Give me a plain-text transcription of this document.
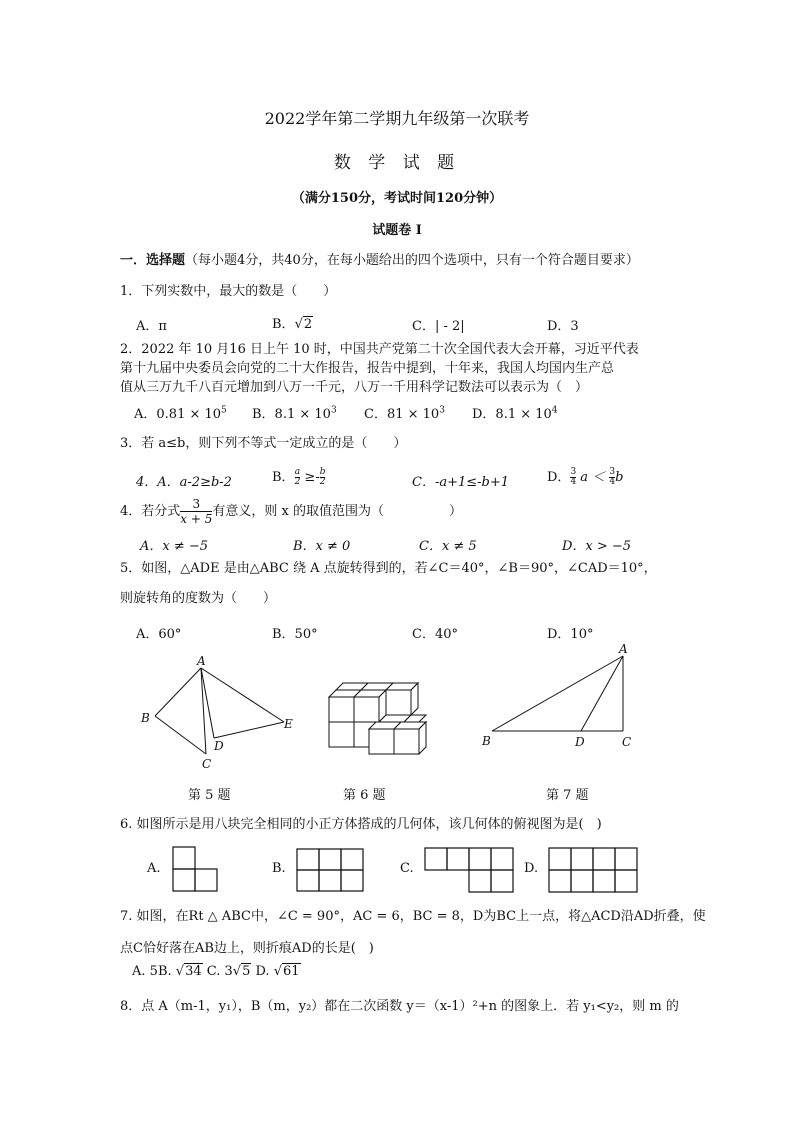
2022学年第二学期九年级第一次联考
数 学 试 题
（满分150分，考试时间120分钟）
试题卷 I
一．选择题（每小题4分，共40分，在每小题给出的四个选项中，只有一个符合题目要求）
1．下列实数中，最大的数是（　　）
A．π	B．√2	C．| - 2|	D．3
2．2022 年 10 月16 日上午 10 时，中国共产党第二十次全国代表大会开幕，习近平代表
第十九届中央委员会向党的二十大作报告，报告中提到，十年来，我国人均国内生产总
值从三万九千八百元增加到八万一千元，八万一千用科学记数法可以表示为（　）
A．$0.81 \times 10^5$ B．$8.1 \times 10^3$ C．$81 \times 10^3$ D．$8.1 \times 10^4$
3．若 a≤b，则下列不等式一定成立的是（　　）
4．A．a-2≥b-2	B． $\frac{a}{2} \ge- \frac{b}{2}$	C．-a+1≤-b+1	D． $\frac{3}{4}$ $a < \frac{3}{4}$ b
4．若分式 $\frac{3}{x + 5}$ 有意义，则 x 的取值范围为（　　　　　）
A．x ≠ −5	B．x ≠ 0	C．x ≠ 5	D．x > −5
5．如图，△ADE 是由△ABC 绕 A 点旋转得到的，若∠C＝40°，∠B＝90°，∠CAD＝10°，
则旋转角的度数为（　　）
A．60°	B．50°	C．40°	D．10°
A
B
C
D
E
A
B	D	C
第 5 题	第 6 题	第 7 题
6. 如图所示是用八块完全相同的小正方体搭成的几何体，该几何体的俯视图为是(　)
A.	B.	C.	D.
7. 如图，在Rt △ ABC中，∠C = 90°，AC = 6，BC = 8，D为BC上一点，将△ACD沿AD折叠，使
点C恰好落在AB边上，则折痕AD的长是(　)
A. 5B. √34 C. 3√5 D. √61
8．点 A（m-1，y₁），B（m，y₂）都在二次函数 y＝（x-1）²+n 的图象上．若 y₁<y₂，则 m 的
